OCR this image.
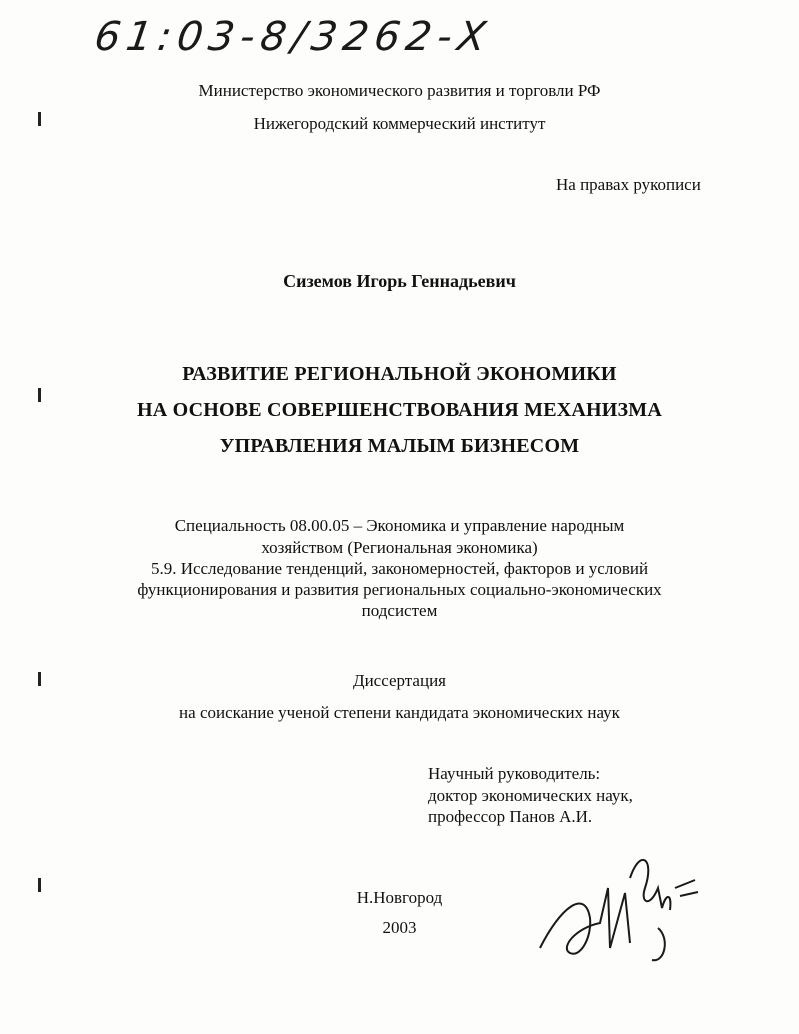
61:03-8/3262-Х
Министерство экономического развития и торговли РФ
Нижегородский коммерческий институт
На правах рукописи
Сиземов Игорь Геннадьевич
РАЗВИТИЕ РЕГИОНАЛЬНОЙ ЭКОНОМИКИ
НА ОСНОВЕ СОВЕРШЕНСТВОВАНИЯ МЕХАНИЗМА
УПРАВЛЕНИЯ МАЛЫМ БИЗНЕСОМ
Специальность 08.00.05 – Экономика и управление народным
хозяйством (Региональная экономика)
5.9. Исследование тенденций, закономерностей, факторов и условий
функционирования и развития региональных социально-экономических
подсистем
Диссертация
на соискание ученой степени кандидата экономических наук
Научный руководитель:
доктор экономических наук,
профессор Панов А.И.
Н.Новгород
2003
